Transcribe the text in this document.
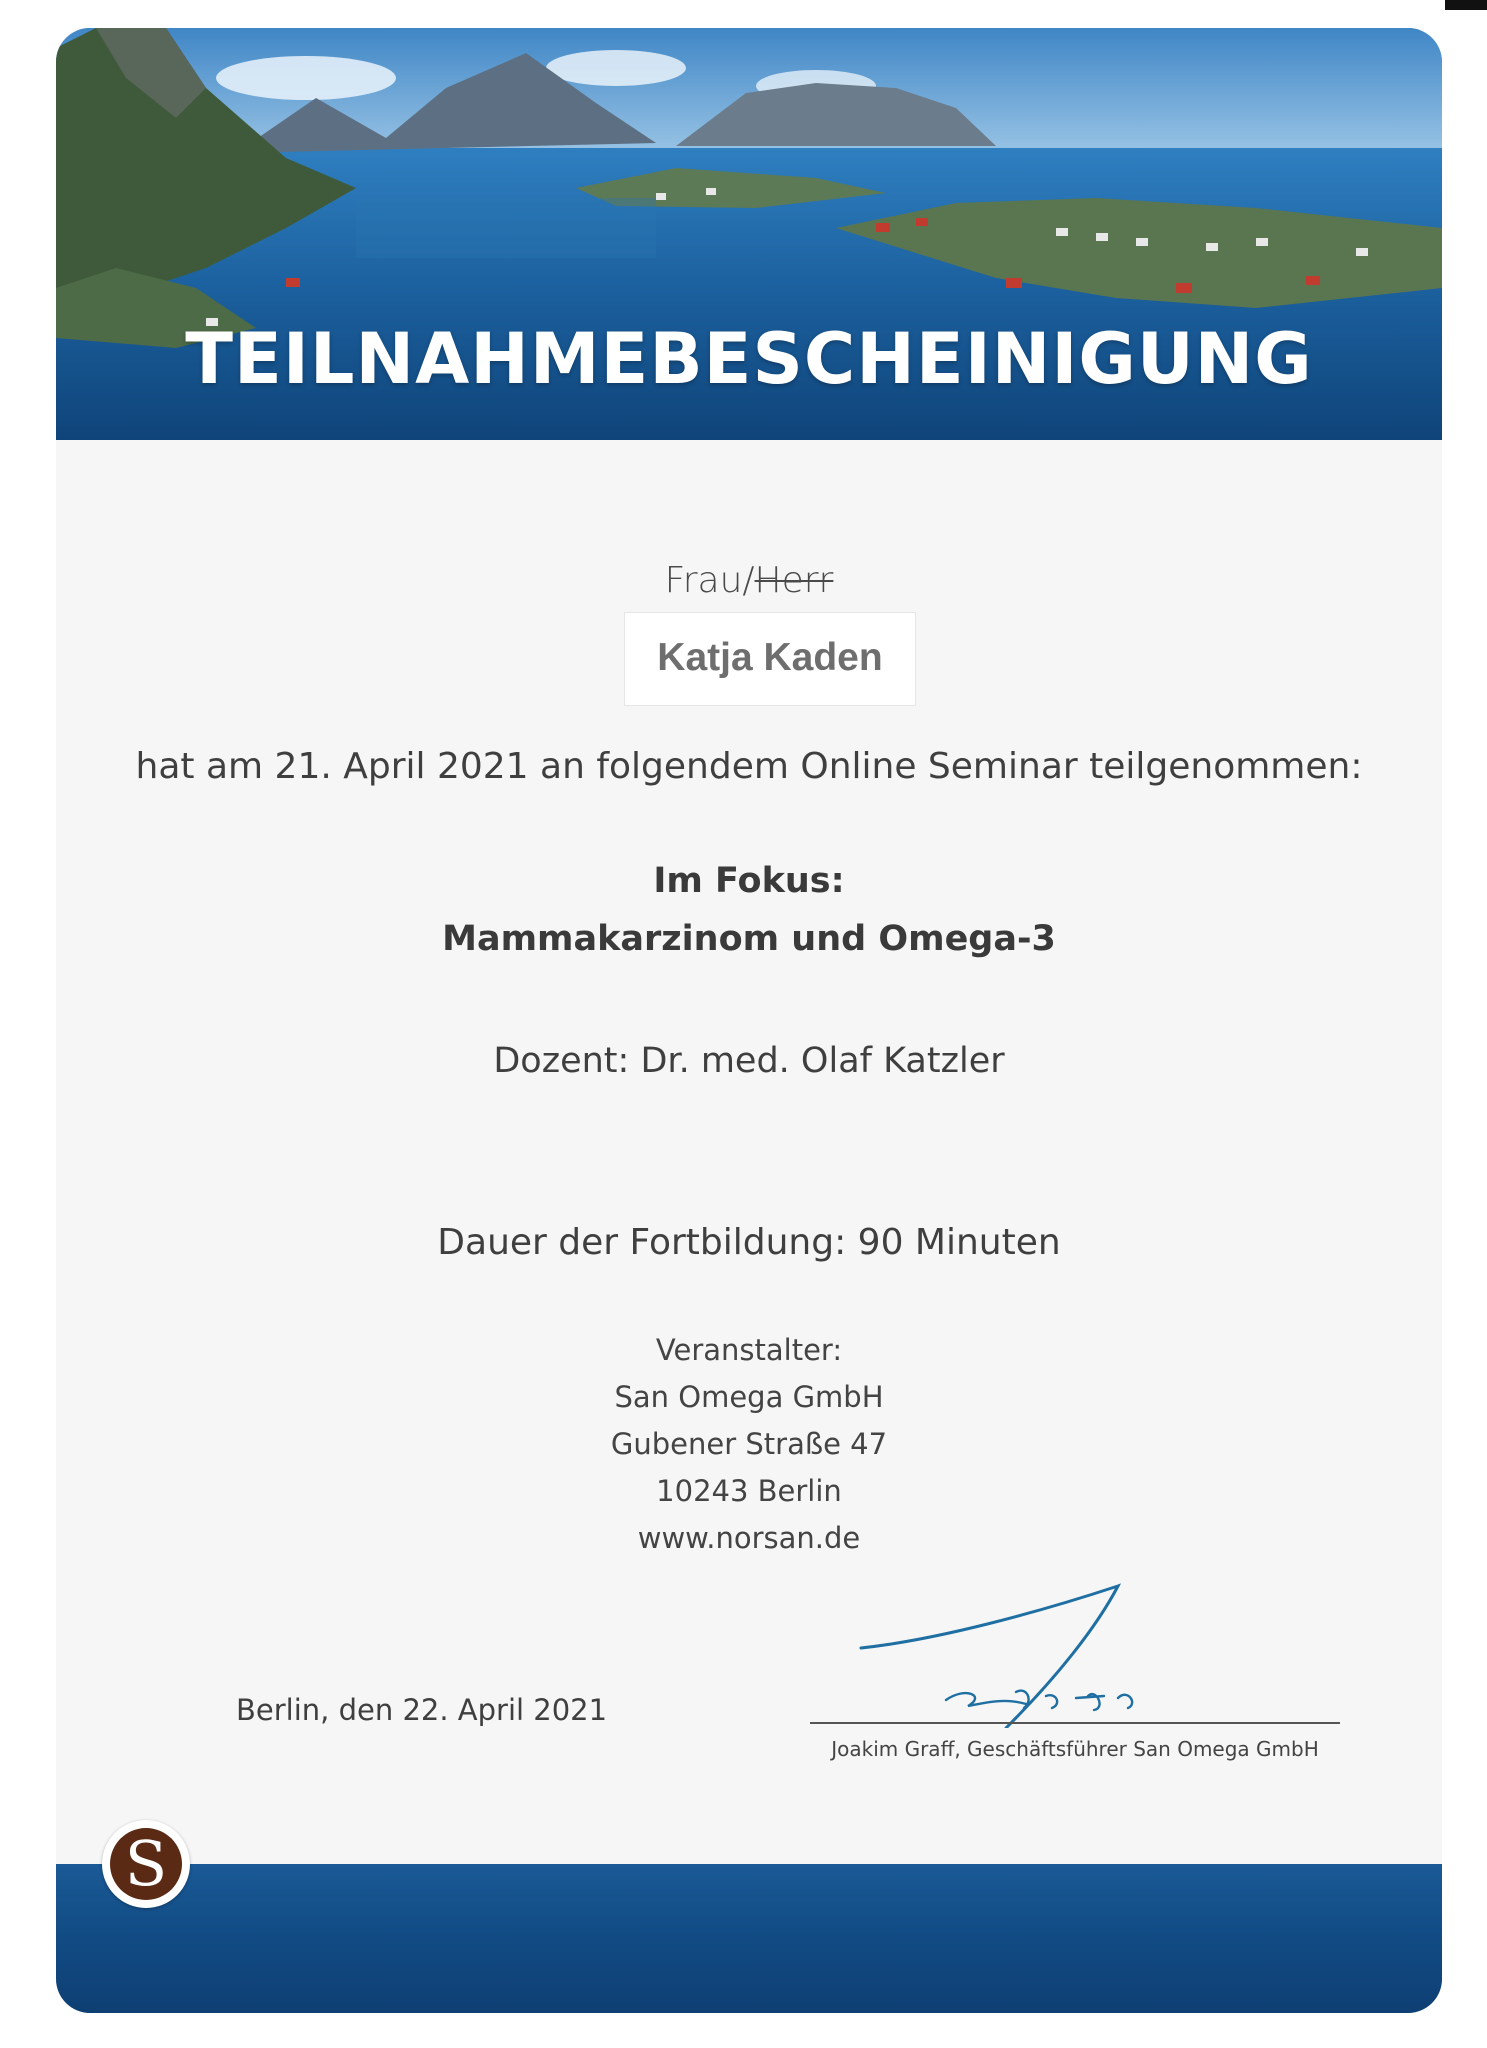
TEILNAHMEBESCHEINIGUNG
Frau/Herr
Katja Kaden
hat am 21. April 2021 an folgendem Online Seminar teilgenommen:
Im Fokus:
Mammakarzinom und Omega-3
Dozent: Dr. med. Olaf Katzler
Dauer der Fortbildung: 90 Minuten
Veranstalter:
San Omega GmbH
Gubener Straße 47
10243 Berlin
www.norsan.de
Berlin, den 22. April 2021
Joakim Graff, Geschäftsführer San Omega GmbH
S
